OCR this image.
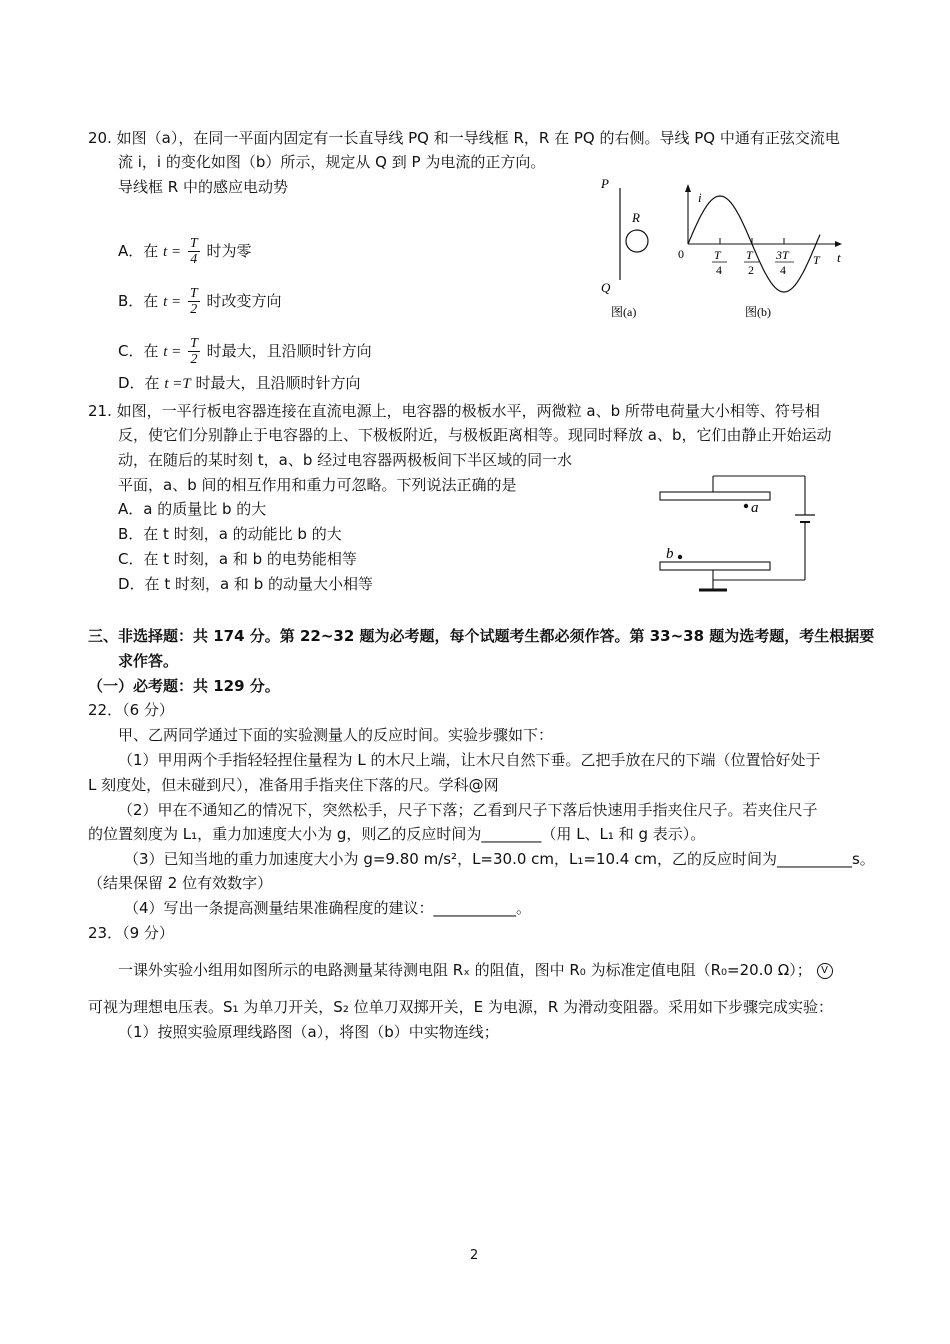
20. 如图（a），在同一平面内固定有一长直导线 PQ 和一导线框 R，R 在 PQ 的右侧。导线 PQ 中通有正弦交流电
流 i，i 的变化如图（b）所示，规定从 Q 到 P 为电流的正方向。
导线框 R 中的感应电动势
A．在 $t = \frac{T}{4}$ 时为零
B．在 $t = \frac{T}{2}$ 时改变方向
C．在 $t = \frac{T}{2}$ 时最大，且沿顺时针方向
D．在 t =T 时最大，且沿顺时针方向
P
Q
R
图(a)
i
t
0	T
4
T
2
3T
4
T
图(b)
21. 如图，一平行板电容器连接在直流电源上，电容器的极板水平，两微粒 a、b 所带电荷量大小相等、符号相
反，使它们分别静止于电容器的上、下极板附近，与极板距离相等。现同时释放 a、b，它们由静止开始运动
动，在随后的某时刻 t，a、b 经过电容器两极板间下半区域的同一水
平面，a、b 间的相互作用和重力可忽略。下列说法正确的是
A．a 的质量比 b 的大
B．在 t 时刻，a 的动能比 b 的大
C．在 t 时刻，a 和 b 的电势能相等
D．在 t 时刻，a 和 b 的动量大小相等
a
b
三、非选择题：共 174 分。第 22~32 题为必考题，每个试题考生都必须作答。第 33~38 题为选考题，考生根据要
求作答。
（一）必考题：共 129 分。
22．（6 分）
甲、乙两同学通过下面的实验测量人的反应时间。实验步骤如下：
（1）甲用两个手指轻轻捏住量程为 L 的木尺上端，让木尺自然下垂。乙把手放在尺的下端（位置恰好处于
L 刻度处，但未碰到尺），准备用手指夹住下落的尺。学科@网
（2）甲在不通知乙的情况下，突然松手，尺子下落；乙看到尺子下落后快速用手指夹住尺子。若夹住尺子
的位置刻度为 L₁，重力加速度大小为 g，则乙的反应时间为________（用 L、L₁ 和 g 表示）。
（3）已知当地的重力加速度大小为 g=9.80 m/s²，L=30.0 cm，L₁=10.4 cm，乙的反应时间为__________s。
（结果保留 2 位有效数字）
（4）写出一条提高测量结果准确程度的建议：___________。
23．（9 分）
一课外实验小组用如图所示的电路测量某待测电阻 Rₓ 的阻值，图中 R₀ 为标准定值电阻（R₀=20.0 Ω）； V
可视为理想电压表。S₁ 为单刀开关，S₂ 位单刀双掷开关，E 为电源，R 为滑动变阻器。采用如下步骤完成实验：
（1）按照实验原理线路图（a），将图（b）中实物连线；
2
